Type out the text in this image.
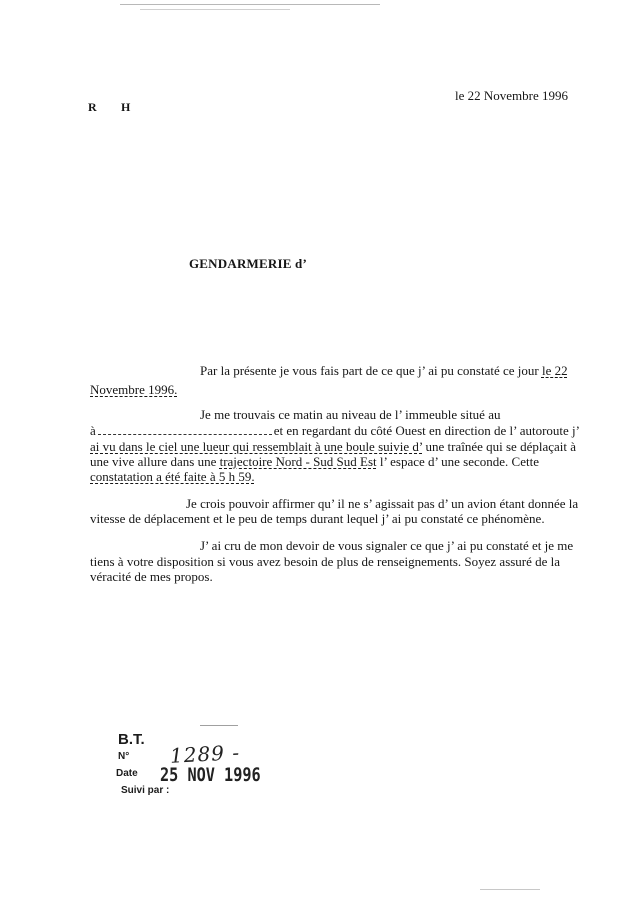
R H
le 22 Novembre 1996
GENDARMERIE d’
Par la présente je vous fais part de ce que j’ ai pu constaté ce jour le 22
Novembre 1996.
Je me trouvais ce matin au niveau de l’ immeuble situé au
à	et en regardant du côté Ouest en direction de l’ autoroute j’
ai vu dans le ciel une lueur qui ressemblait à une boule suivie d’ une traînée qui se déplaçait à
une vive allure dans une trajectoire Nord - Sud Sud Est l’ espace d’ une seconde. Cette
constatation a été faite à 5 h 59.
Je crois pouvoir affirmer qu’ il ne s’ agissait pas d’ un avion étant donnée la
vitesse de déplacement et le peu de temps durant lequel j’ ai pu constaté ce phénomène.
J’ ai cru de mon devoir de vous signaler ce que j’ ai pu constaté et je me
tiens à votre disposition si vous avez besoin de plus de renseignements. Soyez assuré de la
véracité de mes propos.
B.T.
N° 1289 -
Date 25 NOV 1996
Suivi par :
